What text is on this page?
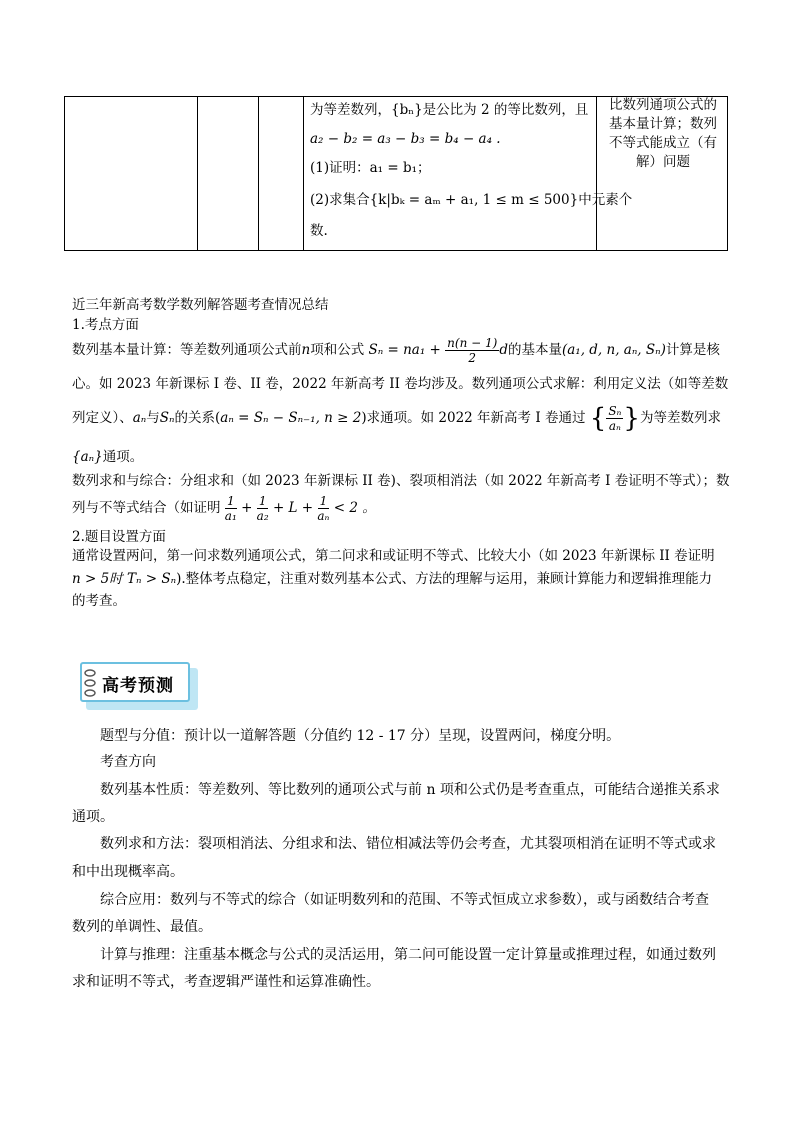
为等差数列，{bₙ}是公比为 2 的等比数列，且
a₂ − b₂ = a₃ − b₃ = b₄ − a₄ .
(1)证明：a₁ = b₁；
(2)求集合{k|bₖ = aₘ + a₁, 1 ≤ m ≤ 500}中元素个
数.
比数列通项公式的
基本量计算；数列
不等式能成立（有
解）问题
近三年新高考数学数列解答题考查情况总结
1.考点方面
数列基本量计算：等差数列通项公式前n项和公式 $S_n = na_1 + \frac{n(n - 1)}{2}$ d的基本量(a₁, d, n, aₙ, Sₙ)计算是核
心。如 2023 年新课标 I 卷、II 卷，2022 年新高考 II 卷均涉及。数列通项公式求解：利用定义法（如等差数
列定义）、aₙ与Sₙ的关系(aₙ = Sₙ − Sₙ₋₁, n ≥ 2)求通项。如 2022 年新高考 I 卷通过 { $\frac{\text{Sₙ}}{\text{aₙ}}$ }为等差数列求
{aₙ}通项。
数列求和与综合：分组求和（如 2023 年新课标 II 卷)、裂项相消法（如 2022 年新高考 I 卷证明不等式）；数
列与不等式结合（如证明 $\frac{1}{\text{a₁}} + \frac{1}{\text{a₂}} + L + \frac{1}{\text{aₙ}} < 2$ 。
2.题目设置方面
通常设置两问，第一问求数列通项公式，第二问求和或证明不等式、比较大小（如 2023 年新课标 II 卷证明
n > 5时 Tₙ > Sₙ).整体考点稳定，注重对数列基本公式、方法的理解与运用，兼顾计算能力和逻辑推理能力
的考查。
高考预测
题型与分值：预计以一道解答题（分值约 12 - 17 分）呈现，设置两问，梯度分明。
考查方向
数列基本性质：等差数列、等比数列的通项公式与前 n 项和公式仍是考查重点，可能结合递推关系求
通项。
数列求和方法：裂项相消法、分组求和法、错位相减法等仍会考查，尤其裂项相消在证明不等式或求
和中出现概率高。
综合应用：数列与不等式的综合（如证明数列和的范围、不等式恒成立求参数），或与函数结合考查
数列的单调性、最值。
计算与推理：注重基本概念与公式的灵活运用，第二问可能设置一定计算量或推理过程，如通过数列
求和证明不等式，考查逻辑严谨性和运算准确性。
